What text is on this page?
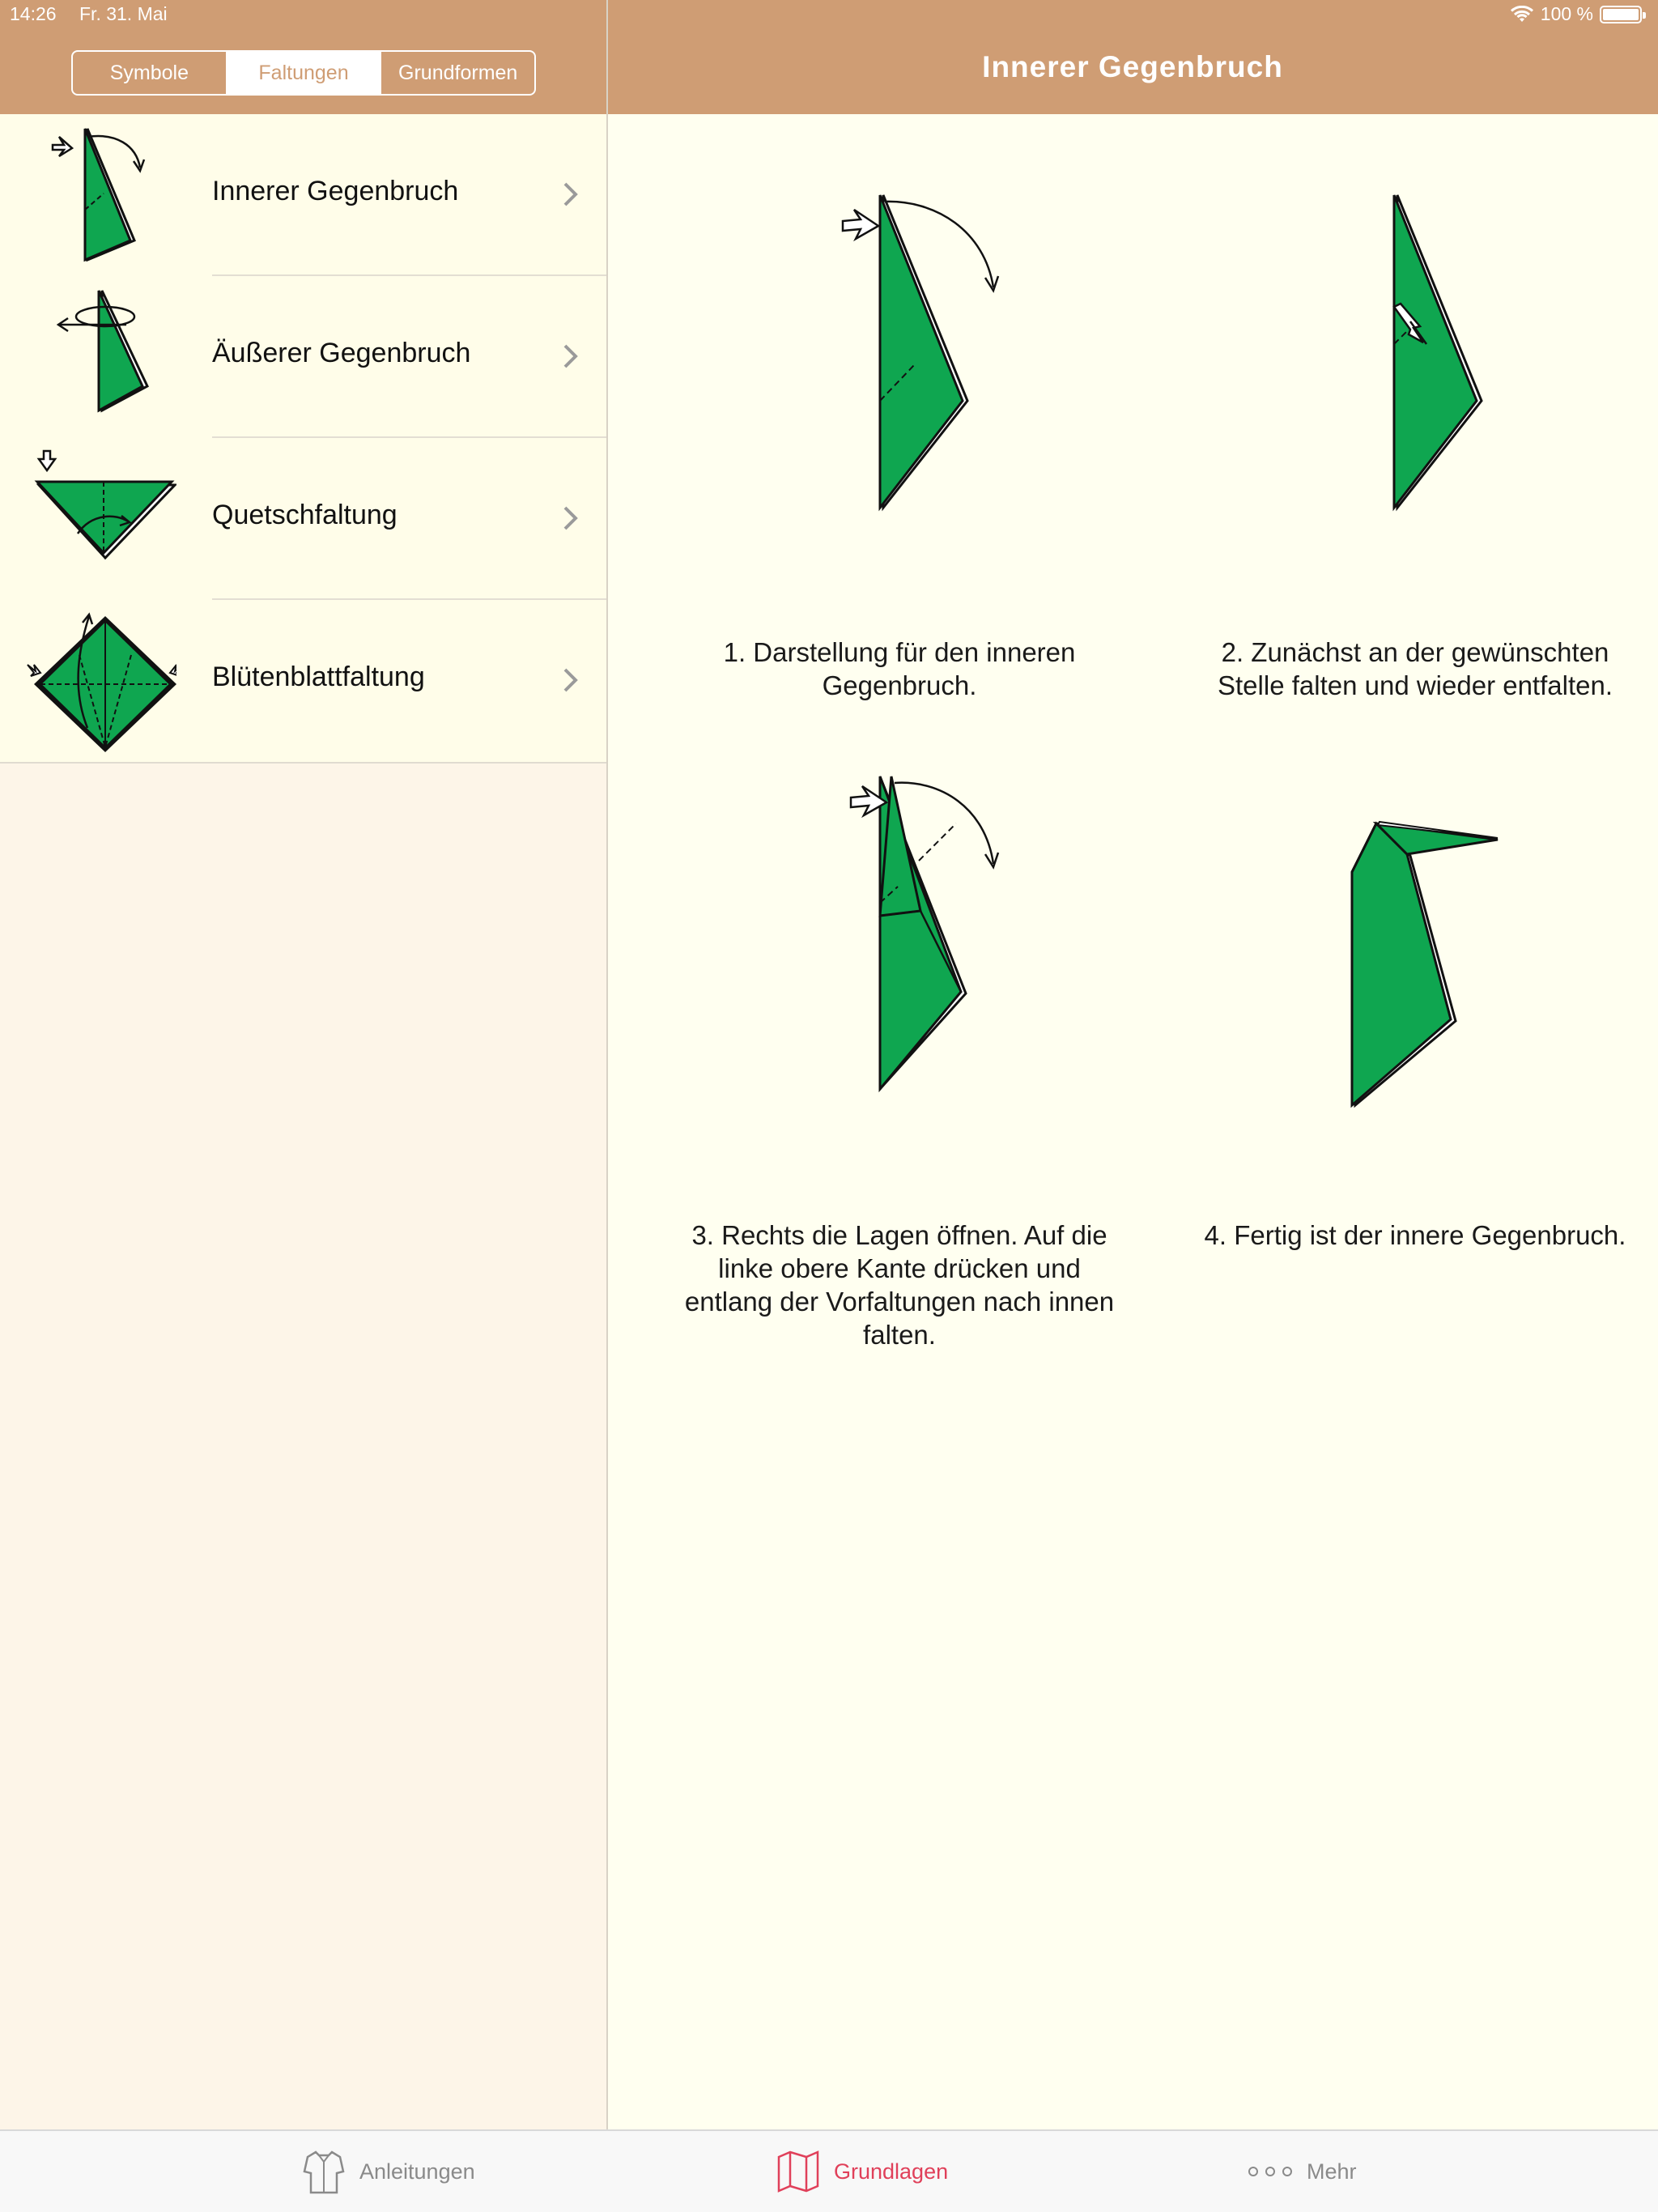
14:26 Fr. 31. Mai	100 %
Symbole	Faltungen	Grundformen	Innerer Gegenbruch
Innerer Gegenbruch
Äußerer Gegenbruch
Quetschfaltung
Blütenblattfaltung
1. Darstellung für den inneren Gegenbruch.
2. Zunächst an der gewünschten Stelle falten und wieder entfalten.
3. Rechts die Lagen öffnen. Auf die linke obere Kante drücken und entlang der Vorfaltungen nach innen falten.
4. Fertig ist der innere Gegenbruch.
Anleitungen	Grundlagen	Mehr
